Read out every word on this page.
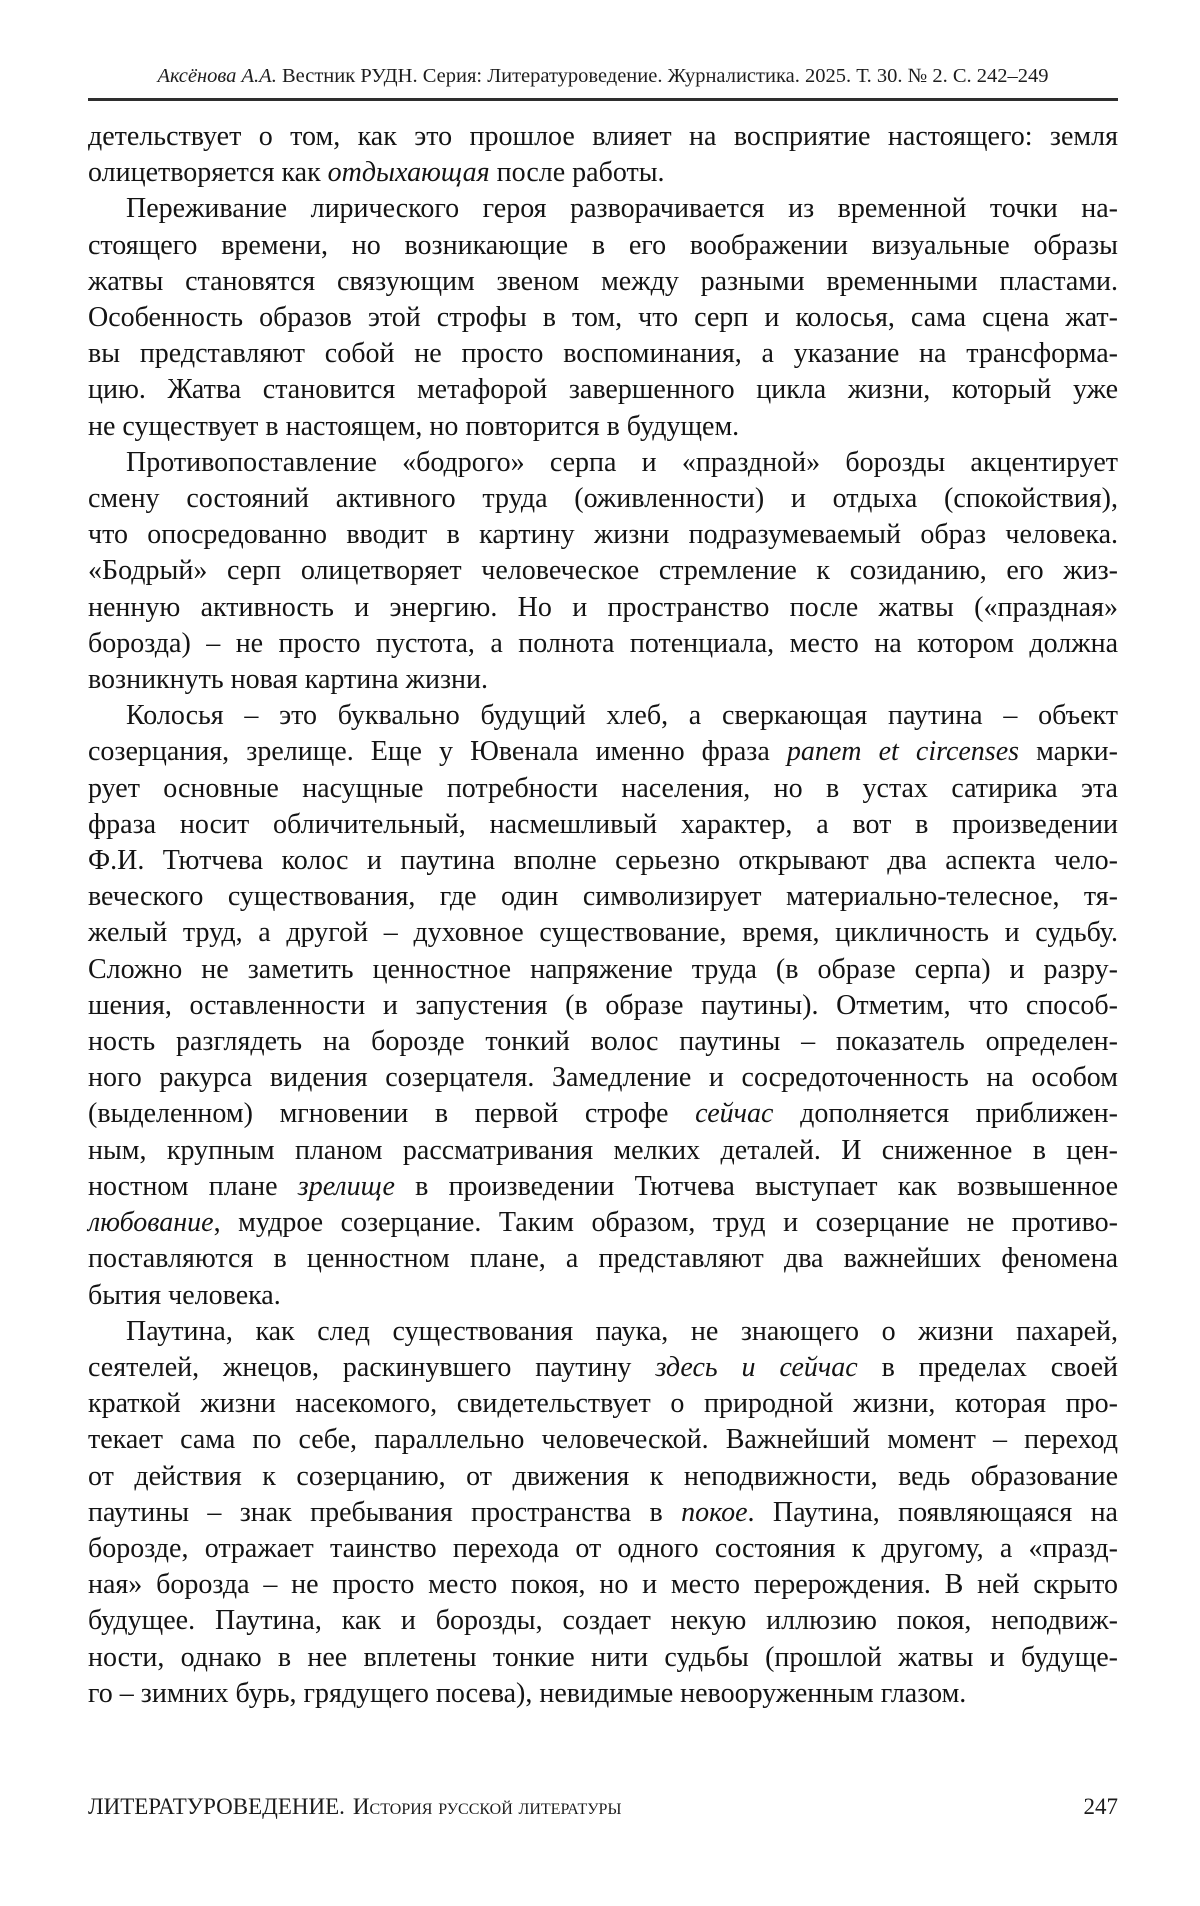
Аксёнова А.А. Вестник РУДН. Серия: Литературоведение. Журналистика. 2025. Т. 30. № 2. С. 242–249
детельствует о том, как это прошлое влияет на восприятие настоящего: земля
олицетворяется как отдыхающая после работы.
Переживание лирического героя разворачивается из временной точки на-
стоящего времени, но возникающие в его воображении визуальные образы
жатвы становятся связующим звеном между разными временными пластами.
Особенность образов этой строфы в том, что серп и колосья, сама сцена жат-
вы представляют собой не просто воспоминания, а указание на трансформа-
цию. Жатва становится метафорой завершенного цикла жизни, который уже
не существует в настоящем, но повторится в будущем.
Противопоставление «бодрого» серпа и «праздной» борозды акцентирует
смену состояний активного труда (оживленности) и отдыха (спокойствия),
что опосредованно вводит в картину жизни подразумеваемый образ человека.
«Бодрый» серп олицетворяет человеческое стремление к созиданию, его жиз-
ненную активность и энергию. Но и пространство после жатвы («праздная»
борозда) – не просто пустота, а полнота потенциала, место на котором должна
возникнуть новая картина жизни.
Колосья – это буквально будущий хлеб, а сверкающая паутина – объект
созерцания, зрелище. Еще у Ювенала именно фраза panem et circenses марки-
рует основные насущные потребности населения, но в устах сатирика эта
фраза носит обличительный, насмешливый характер, а вот в произведении
Ф.И. Тютчева колос и паутина вполне серьезно открывают два аспекта чело-
веческого существования, где один символизирует материально-телесное, тя-
желый труд, а другой – духовное существование, время, цикличность и судьбу.
Сложно не заметить ценностное напряжение труда (в образе серпа) и разру-
шения, оставленности и запустения (в образе паутины). Отметим, что способ-
ность разглядеть на борозде тонкий волос паутины – показатель определен-
ного ракурса видения созерцателя. Замедление и сосредоточенность на особом
(выделенном) мгновении в первой строфе сейчас дополняется приближен-
ным, крупным планом рассматривания мелких деталей. И сниженное в цен-
ностном плане зрелище в произведении Тютчева выступает как возвышенное
любование, мудрое созерцание. Таким образом, труд и созерцание не противо-
поставляются в ценностном плане, а представляют два важнейших феномена
бытия человека.
Паутина, как след существования паука, не знающего о жизни пахарей,
сеятелей, жнецов, раскинувшего паутину здесь и сейчас в пределах своей
краткой жизни насекомого, свидетельствует о природной жизни, которая про-
текает сама по себе, параллельно человеческой. Важнейший момент – переход
от действия к созерцанию, от движения к неподвижности, ведь образование
паутины – знак пребывания пространства в покое. Паутина, появляющаяся на
борозде, отражает таинство перехода от одного состояния к другому, а «празд-
ная» борозда – не просто место покоя, но и место перерождения. В ней скрыто
будущее. Паутина, как и борозды, создает некую иллюзию покоя, неподвиж-
ности, однако в нее вплетены тонкие нити судьбы (прошлой жатвы и будуще-
го – зимних бурь, грядущего посева), невидимые невооруженным глазом.
ЛИТЕРАТУРОВЕДЕНИЕ. История русской литературы	247
